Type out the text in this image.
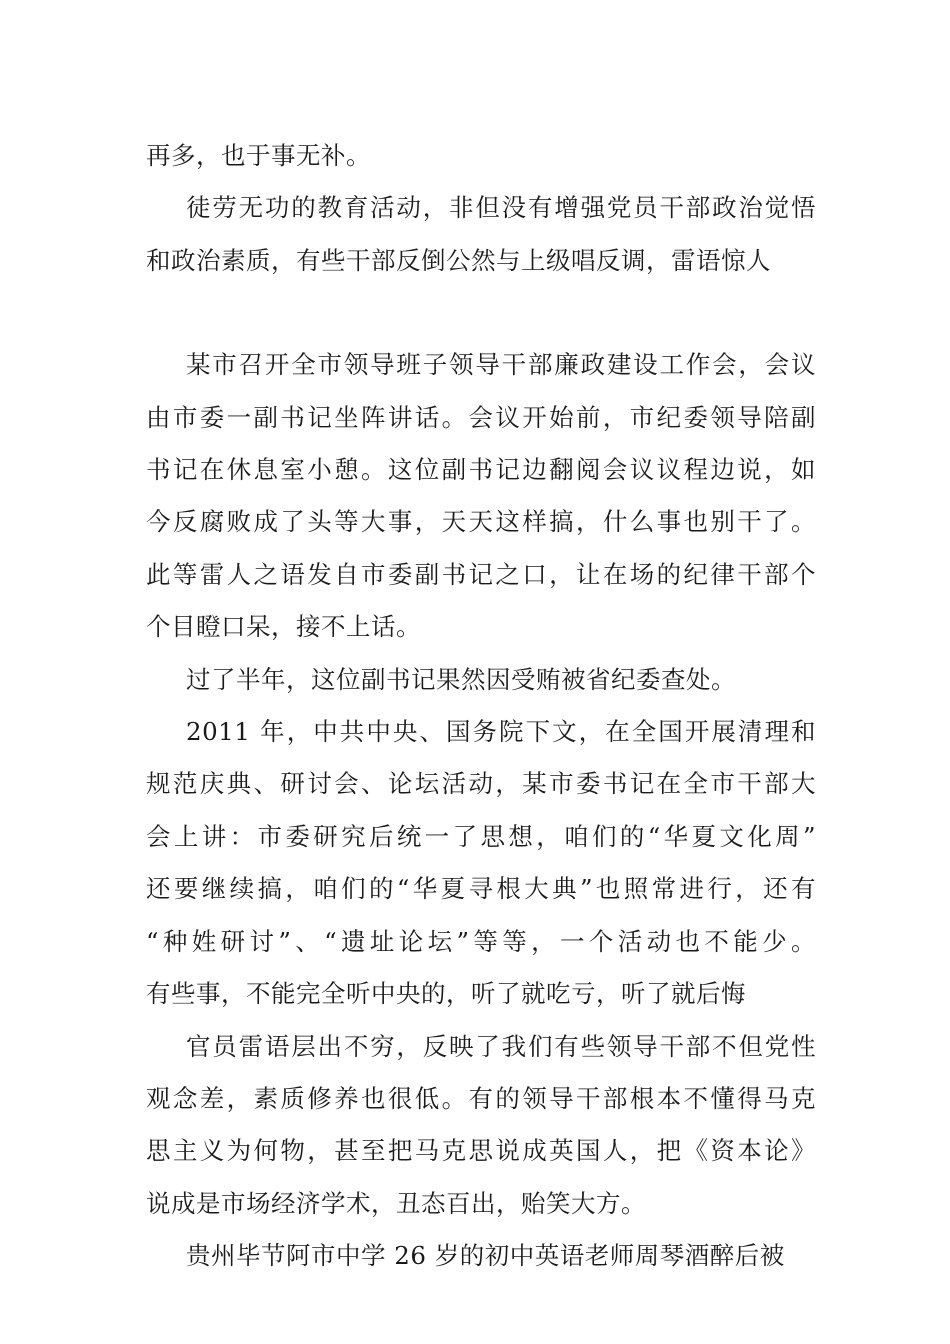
再多，也于事无补。
徒劳无功的教育活动，非但没有增强党员干部政治觉悟
和政治素质，有些干部反倒公然与上级唱反调，雷语惊人
某市召开全市领导班子领导干部廉政建设工作会，会议
由市委一副书记坐阵讲话。会议开始前，市纪委领导陪副
书记在休息室小憩。这位副书记边翻阅会议议程边说，如
今反腐败成了头等大事，天天这样搞，什么事也别干了。
此等雷人之语发自市委副书记之口，让在场的纪律干部个
个目瞪口呆，接不上话。
过了半年，这位副书记果然因受贿被省纪委查处。
2011 年，中共中央、国务院下文，在全国开展清理和
规范庆典、研讨会、论坛活动，某市委书记在全市干部大
会上讲：市委研究后统一了思想，咱们的“华夏文化周”
还要继续搞，咱们的“华夏寻根大典”也照常进行，还有
“种姓研讨”、“遗址论坛”等等，一个活动也不能少。
有些事，不能完全听中央的，听了就吃亏，听了就后悔
官员雷语层出不穷，反映了我们有些领导干部不但党性
观念差，素质修养也很低。有的领导干部根本不懂得马克
思主义为何物，甚至把马克思说成英国人，把《资本论》
说成是市场经济学术，丑态百出，贻笑大方。
贵州毕节阿市中学 26 岁的初中英语老师周琴酒醉后被
